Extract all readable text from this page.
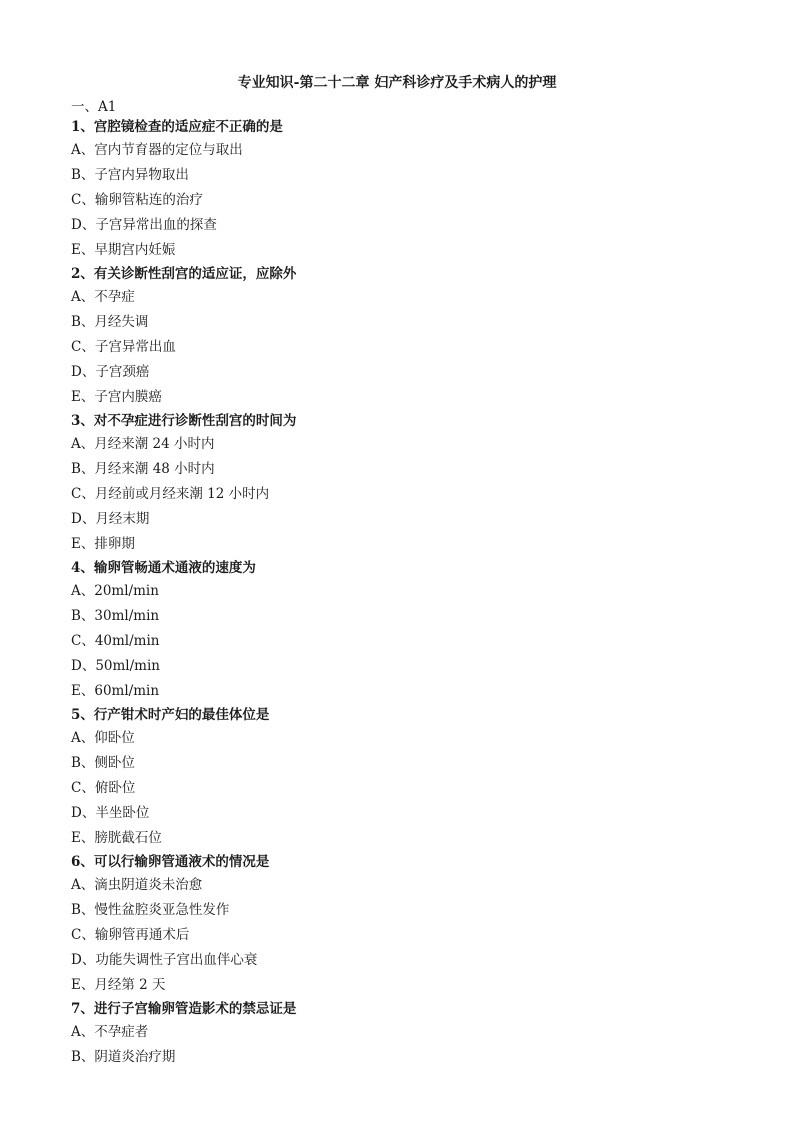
专业知识-第二十二章 妇产科诊疗及手术病人的护理
一、A1
1、宫腔镜检查的适应症不正确的是
A、宫内节育器的定位与取出
B、子宫内异物取出
C、输卵管粘连的治疗
D、子宫异常出血的探查
E、早期宫内妊娠
2、有关诊断性刮宫的适应证，应除外
A、不孕症
B、月经失调
C、子宫异常出血
D、子宫颈癌
E、子宫内膜癌
3、对不孕症进行诊断性刮宫的时间为
A、月经来潮 24 小时内
B、月经来潮 48 小时内
C、月经前或月经来潮 12 小时内
D、月经末期
E、排卵期
4、输卵管畅通术通液的速度为
A、20ml/min
B、30ml/min
C、40ml/min
D、50ml/min
E、60ml/min
5、行产钳术时产妇的最佳体位是
A、仰卧位
B、侧卧位
C、俯卧位
D、半坐卧位
E、膀胱截石位
6、可以行输卵管通液术的情况是
A、滴虫阴道炎未治愈
B、慢性盆腔炎亚急性发作
C、输卵管再通术后
D、功能失调性子宫出血伴心衰
E、月经第 2 天
7、进行子宫输卵管造影术的禁忌证是
A、不孕症者
B、阴道炎治疗期
